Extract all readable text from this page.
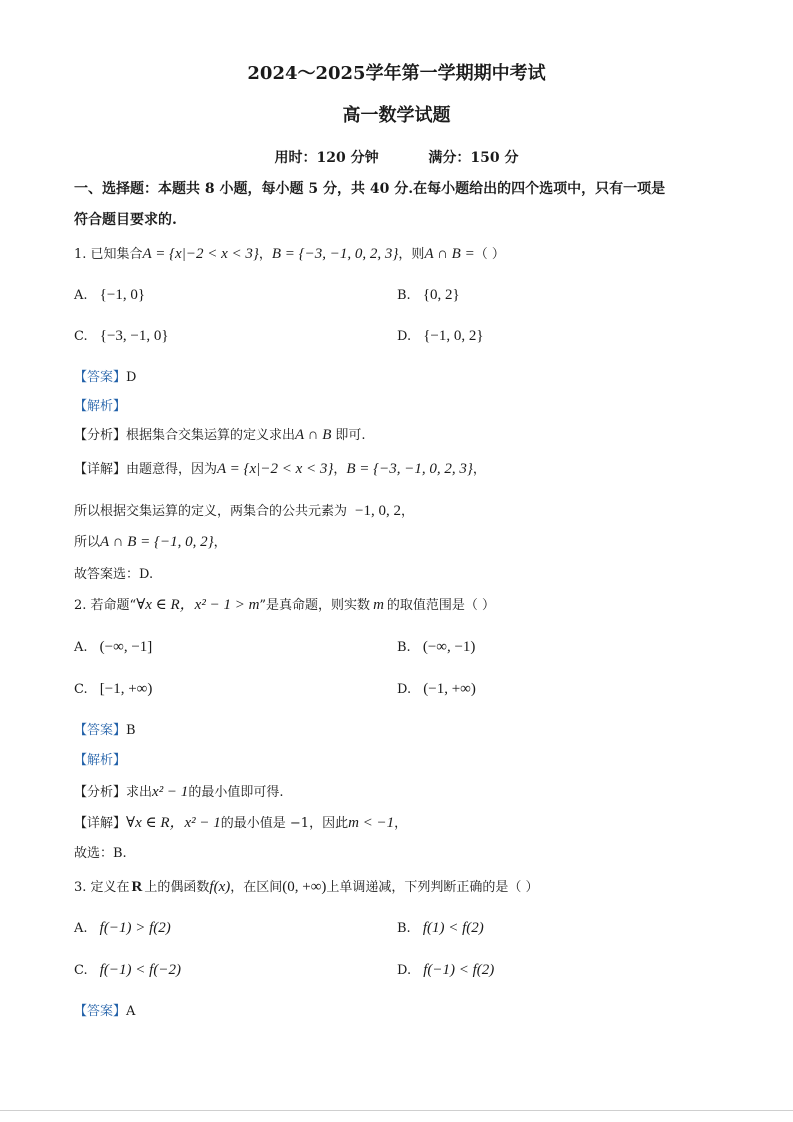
2024～2025学年第一学期期中考试
高一数学试题
用时：120 分钟	满分：150 分
一、选择题：本题共 8 小题，每小题 5 分，共 40 分.在每小题给出的四个选项中，只有一项是
符合题目要求的.
1. 已知集合A = {x|−2 < x < 3}，B = {−3, −1, 0, 2, 3}，则A ∩ B =（ ）
A. {−1, 0}	B. {0, 2}
C. {−3, −1, 0}	D. {−1, 0, 2}
【答案】D
【解析】
【分析】根据集合交集运算的定义求出A ∩ B 即可.
【详解】由题意得，因为A = {x|−2 < x < 3}，B = {−3, −1, 0, 2, 3}，
所以根据交集运算的定义，两集合的公共元素为 −1, 0, 2，
所以A ∩ B = {−1, 0, 2}，
故答案选：D.
2. 若命题“∀x ∈ R，x² − 1 > m”是真命题，则实数 m 的取值范围是（ ）
A. (−∞, −1]	B. (−∞, −1)
C. [−1, +∞)	D. (−1, +∞)
【答案】B
【解析】
【分析】求出x² − 1的最小值即可得.
【详解】∀x ∈ R，x² − 1的最小值是 −1，因此m < −1，
故选：B.
3. 定义在 R 上的偶函数f(x)，在区间(0, +∞)上单调递减，下列判断正确的是（ ）
A. f(−1) > f(2)	B. f(1) < f(2)
C. f(−1) < f(−2)	D. f(−1) < f(2)
【答案】A
